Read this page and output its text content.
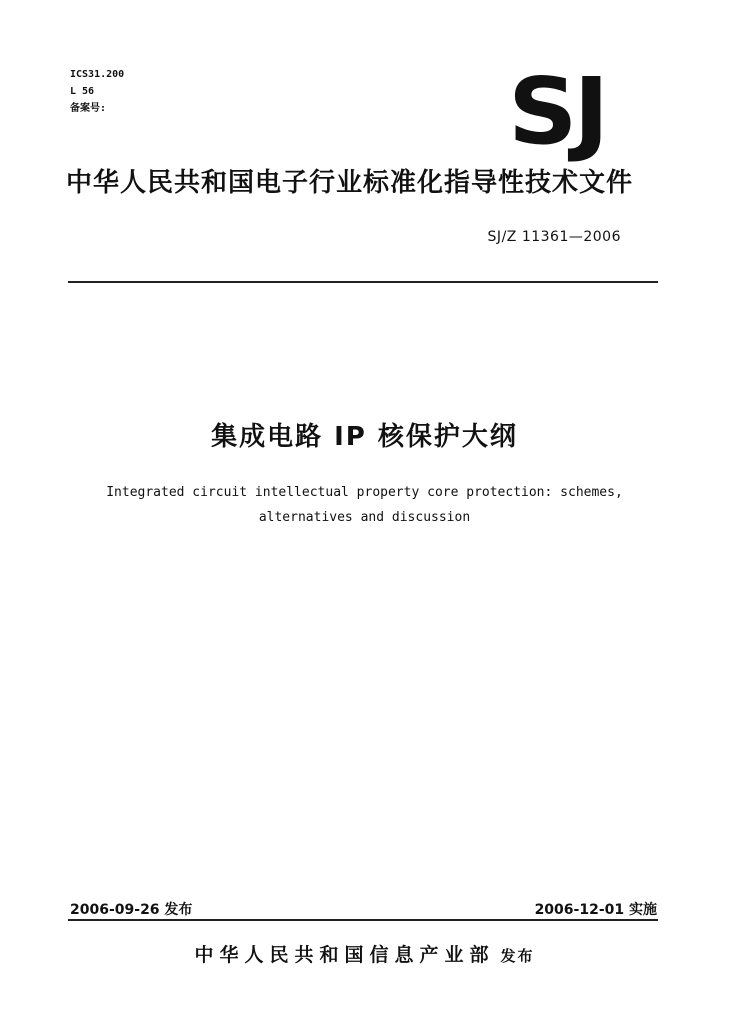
ICS31.200
L 56
备案号:	SJ
中华人民共和国电子行业标准化指导性技术文件
SJ/Z 11361—2006
集成电路 IP 核保护大纲
Integrated circuit intellectual property core protection: schemes,
alternatives and discussion
2006-09-26 发布	2006-12-01 实施
中华人民共和国信息产业部 发布
